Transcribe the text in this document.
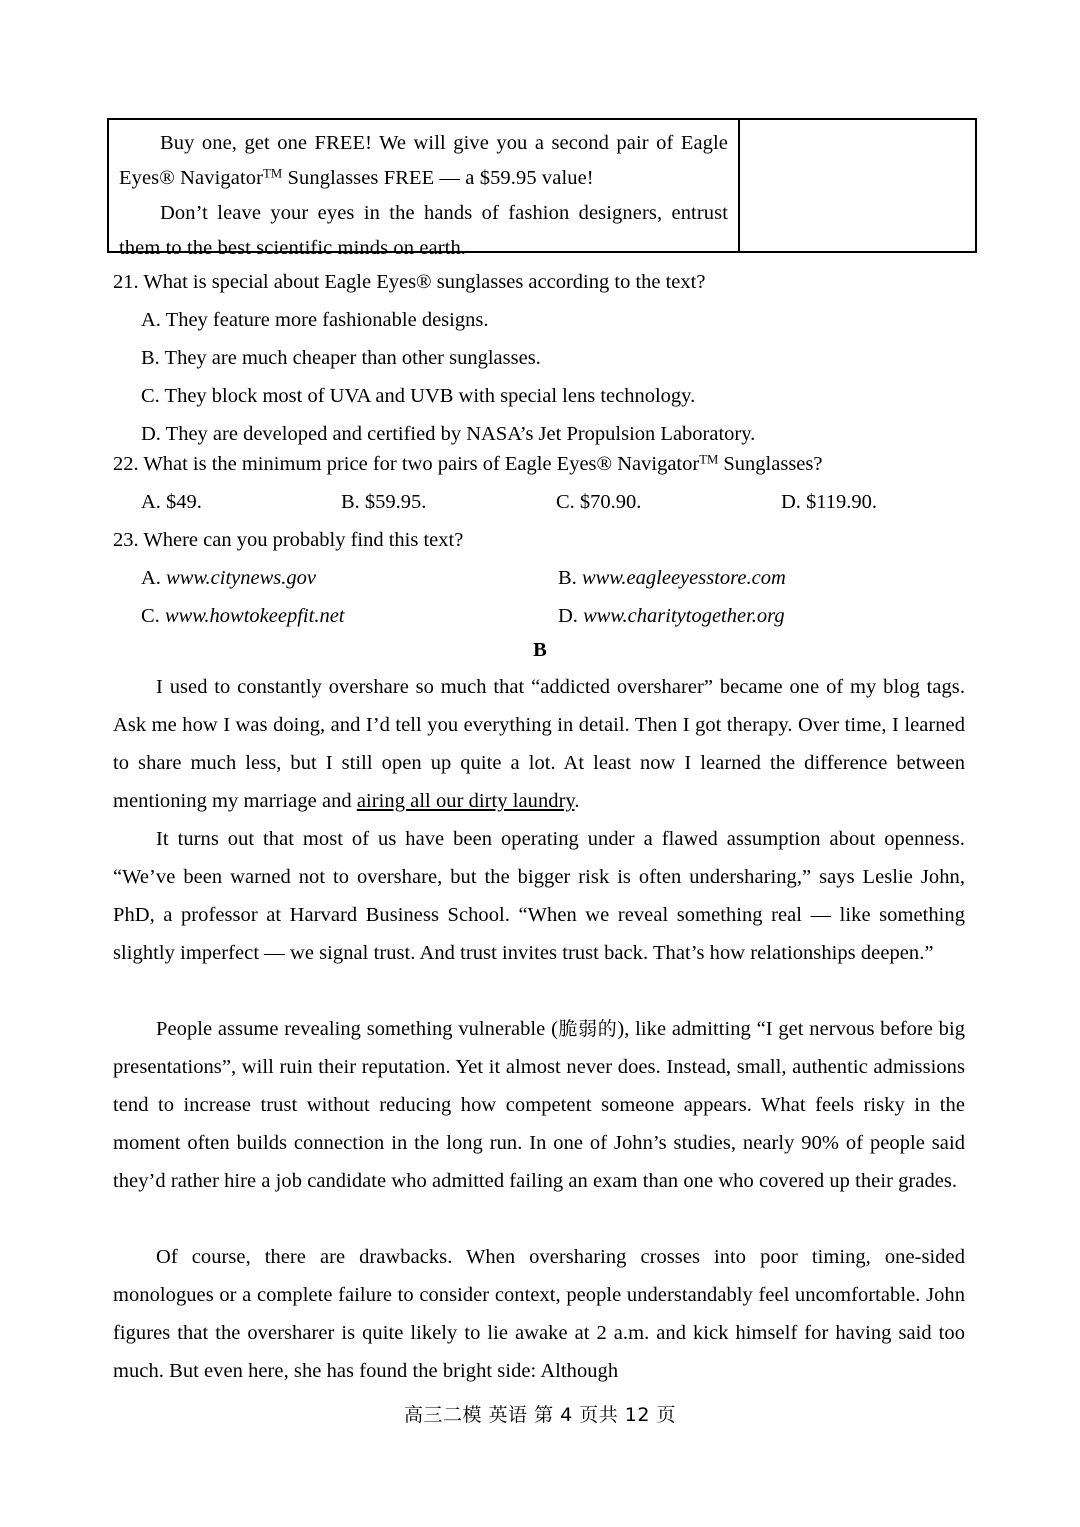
Buy one, get one FREE! We will give you a second pair of Eagle Eyes® Navigator™ Sunglasses FREE — a $59.95 value!

Don’t leave your eyes in the hands of fashion designers, entrust them to the best scientific minds on earth.

21. What is special about Eagle Eyes® sunglasses according to the text?

A. They feature more fashionable designs.

B. They are much cheaper than other sunglasses.

C. They block most of UVA and UVB with special lens technology.

D. They are developed and certified by NASA’s Jet Propulsion Laboratory.

22. What is the minimum price for two pairs of Eagle Eyes® Navigator™ Sunglasses?

A. $49.	B. $59.95.	C. $70.90.	D. $119.90.

23. Where can you probably find this text?

A. www.citynews.gov	B. www.eagleeyesstore.com
C. www.howtokeepfit.net	D. www.charitytogether.org
B

I used to constantly overshare so much that “addicted oversharer” became one of my blog tags. Ask me how I was doing, and I’d tell you everything in detail. Then I got therapy. Over time, I learned to share much less, but I still open up quite a lot. At least now I learned the difference between mentioning my marriage and airing all our dirty laundry.

It turns out that most of us have been operating under a flawed assumption about openness. “We’ve been warned not to overshare, but the bigger risk is often undersharing,” says Leslie John, PhD, a professor at Harvard Business School. “When we reveal something real — like something slightly imperfect — we signal trust. And trust invites trust back. That’s how relationships deepen.”

People assume revealing something vulnerable (脆弱的), like admitting “I get nervous before big presentations”, will ruin their reputation. Yet it almost never does. Instead, small, authentic admissions tend to increase trust without reducing how competent someone appears. What feels risky in the moment often builds connection in the long run. In one of John’s studies, nearly 90% of people said they’d rather hire a job candidate who admitted failing an exam than one who covered up their grades.

Of course, there are drawbacks. When oversharing crosses into poor timing, one-sided monologues or a complete failure to consider context, people understandably feel uncomfortable. John figures that the oversharer is quite likely to lie awake at 2 a.m. and kick himself for having said too much. But even here, she has found the bright side: Although

高三二模 英语 第 4 页共 12 页
